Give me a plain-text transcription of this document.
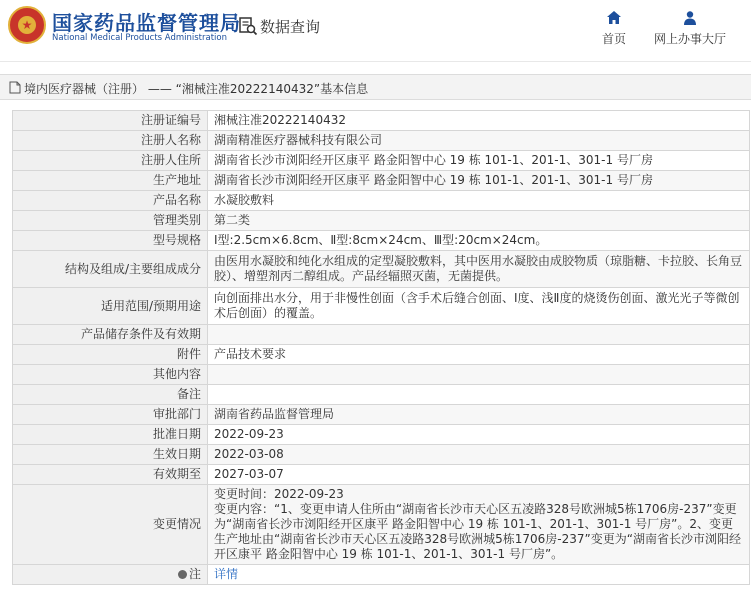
★ 国家药品监督管理局
National Medical Products Administration
数据查询
首页	网上办事大厅
境内医疗器械（注册） —— “湘械注准20222140432”基本信息
注册证编号	湘械注准20222140432
注册人名称	湖南精准医疗器械科技有限公司
注册人住所	湖南省长沙市浏阳经开区康平 路金阳智中心 19 栋 101-1、201-1、301-1 号厂房
生产地址	湖南省长沙市浏阳经开区康平 路金阳智中心 19 栋 101-1、201-1、301-1 号厂房
产品名称	水凝胶敷料
管理类别	第二类
型号规格	Ⅰ型:2.5cm×6.8cm、Ⅱ型:8cm×24cm、Ⅲ型:20cm×24cm。
结构及组成/主要组成成分	由医用水凝胶和纯化水组成的定型凝胶敷料，其中医用水凝胶由成胶物质（琼脂糖、卡拉胶、长角豆胶）、增塑剂丙二醇组成。产品经辐照灭菌，无菌提供。
适用范围/预期用途	向创面排出水分，用于非慢性创面（含手术后缝合创面、Ⅰ度、浅Ⅱ度的烧烫伤创面、激光光子等微创术后创面）的覆盖。
产品储存条件及有效期	
附件	产品技术要求
其他内容	
备注	
审批部门	湖南省药品监督管理局
批准日期	2022-09-23
生效日期	2022-03-08
有效期至	2027-03-07
变更情况	变更时间：2022-09-23
变更内容：“1、变更申请人住所由“湖南省长沙市天心区五凌路328号欧洲城5栋1706房-237”变更为“湖南省长沙市浏阳经开区康平 路金阳智中心 19 栋 101-1、201-1、301-1 号厂房”。2、变更生产地址由“湖南省长沙市天心区五凌路328号欧洲城5栋1706房-237”变更为“湖南省长沙市浏阳经开区康平 路金阳智中心 19 栋 101-1、201-1、301-1 号厂房”。

注	详情
